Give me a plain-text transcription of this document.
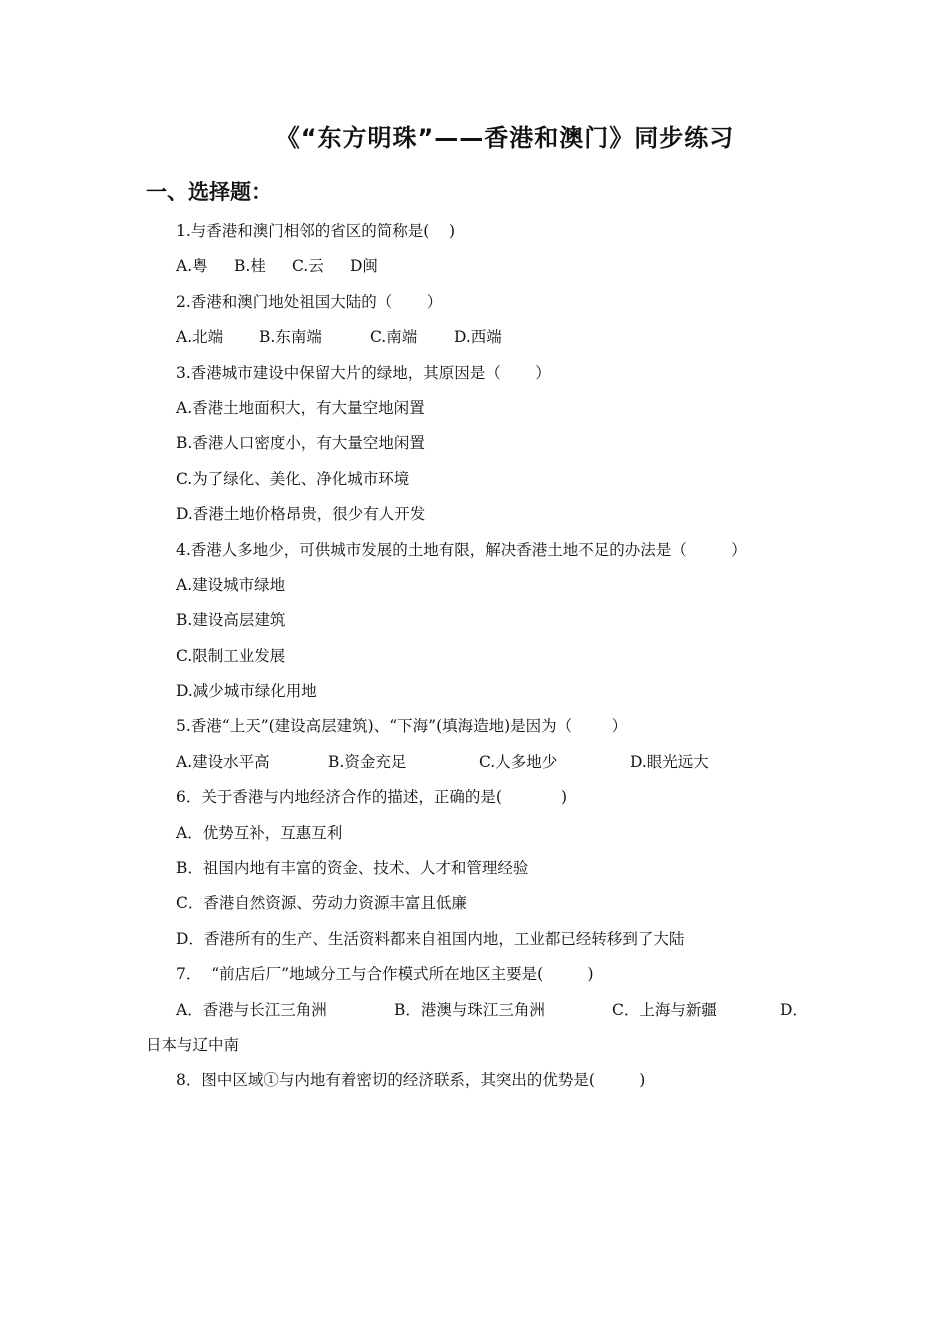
《“东方明珠”——香港和澳门》同步练习
一、选择题：
1.与香港和澳门相邻的省区的简称是(    )
A.粤	B.桂	C.云	D闽
2.香港和澳门地处祖国大陆的（       ）
A.北端	B.东南端	C.南端	D.西端
3.香港城市建设中保留大片的绿地，其原因是（       ）
A.香港土地面积大，有大量空地闲置
B.香港人口密度小，有大量空地闲置
C.为了绿化、美化、净化城市环境
D.香港土地价格昂贵，很少有人开发
4.香港人多地少，可供城市发展的土地有限，解决香港土地不足的办法是（         ）
A.建设城市绿地
B.建设高层建筑
C.限制工业发展
D.减少城市绿化用地
5.香港“上天”(建设高层建筑)、“下海”(填海造地)是因为（        ）
A.建设水平高	B.资金充足	C.人多地少	D.眼光远大
6．关于香港与内地经济合作的描述，正确的是(            )
A．优势互补，互惠互利
B．祖国内地有丰富的资金、技术、人才和管理经验
C．香港自然资源、劳动力资源丰富且低廉
D．香港所有的生产、生活资料都来自祖国内地，工业都已经转移到了大陆
7．  “前店后厂”地域分工与合作模式所在地区主要是(         )
A．香港与长江三角洲	B．港澳与珠江三角洲	C．上海与新疆	D．
日本与辽中南
8．图中区域①与内地有着密切的经济联系，其突出的优势是(         )
